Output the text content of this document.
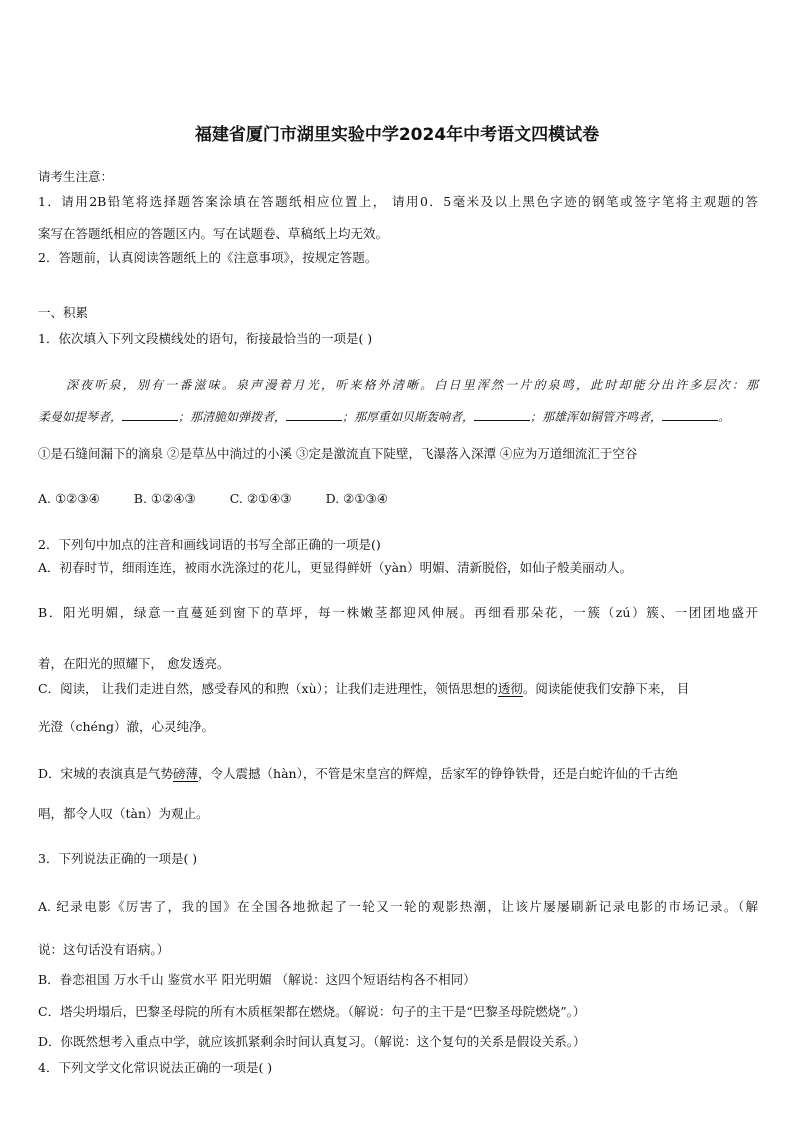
福建省厦门市湖里实验中学2024年中考语文四模试卷
请考生注意：
1．请用2B铅笔将选择题答案涂填在答题纸相应位置上， 请用0．5毫米及以上黑色字迹的钢笔或签字笔将主观题的答
案写在答题纸相应的答题区内。写在试题卷、草稿纸上均无效。
2．答题前，认真阅读答题纸上的《注意事项》，按规定答题。
一、积累
1．依次填入下列文段横线处的语句，衔接最恰当的一项是( )
深夜听泉，别有一番滋味。泉声漫着月光，听来格外清晰。白日里浑然一片的泉鸣，此时却能分出许多层次：那
柔曼如提琴者，	；那清脆如弹拨者，	；那厚重如贝斯轰响者，	；那雄浑如铜管齐鸣者，	。
①是石缝间漏下的滴泉 ②是草丛中淌过的小溪 ③定是激流直下陡壁，飞瀑落入深潭 ④应为万道细流汇于空谷
A. ①②③④	B. ①②④③	C. ②①④③	D. ②①③④
2．下列句中加点的注音和画线词语的书写全部正确的一项是()
A．初春时节，细雨连连，被雨水洗涤过的花儿，更显得鲜妍（yàn）明媚、清新脱俗，如仙子般美丽动人。
B．阳光明媚，绿意一直蔓延到窗下的草坪，每一株嫩茎都迎风伸展。再细看那朵花，一簇（zú）簇、一团团地盛开
着，在阳光的照耀下， 愈发透亮。
C．阅读， 让我们走进自然，感受春风的和煦（xù）；让我们走进理性，领悟思想的透彻。阅读能使我们安静下来， 目
光澄（chéng）澈，心灵纯净。
D．宋城的表演真是气势磅薄，令人震撼（hàn），不管是宋皇宫的辉煌，岳家军的铮铮铁骨，还是白蛇许仙的千古绝
唱，都令人叹（tàn）为观止。
3．下列说法正确的一项是( )
A. 纪录电影《厉害了，我的国》在全国各地掀起了一轮又一轮的观影热潮，让该片屡屡刷新记录电影的市场记录。（解
说：这句话没有语病。）
B．眷恋祖国 万水千山 鉴赏水平 阳光明媚 （解说：这四个短语结构各不相同）
C．塔尖坍塌后，巴黎圣母院的所有木质框架都在燃烧。（解说：句子的主干是“巴黎圣母院燃烧”。）
D．你既然想考入重点中学，就应该抓紧剩余时间认真复习。（解说：这个复句的关系是假设关系。）
4．下列文学文化常识说法正确的一项是( )
